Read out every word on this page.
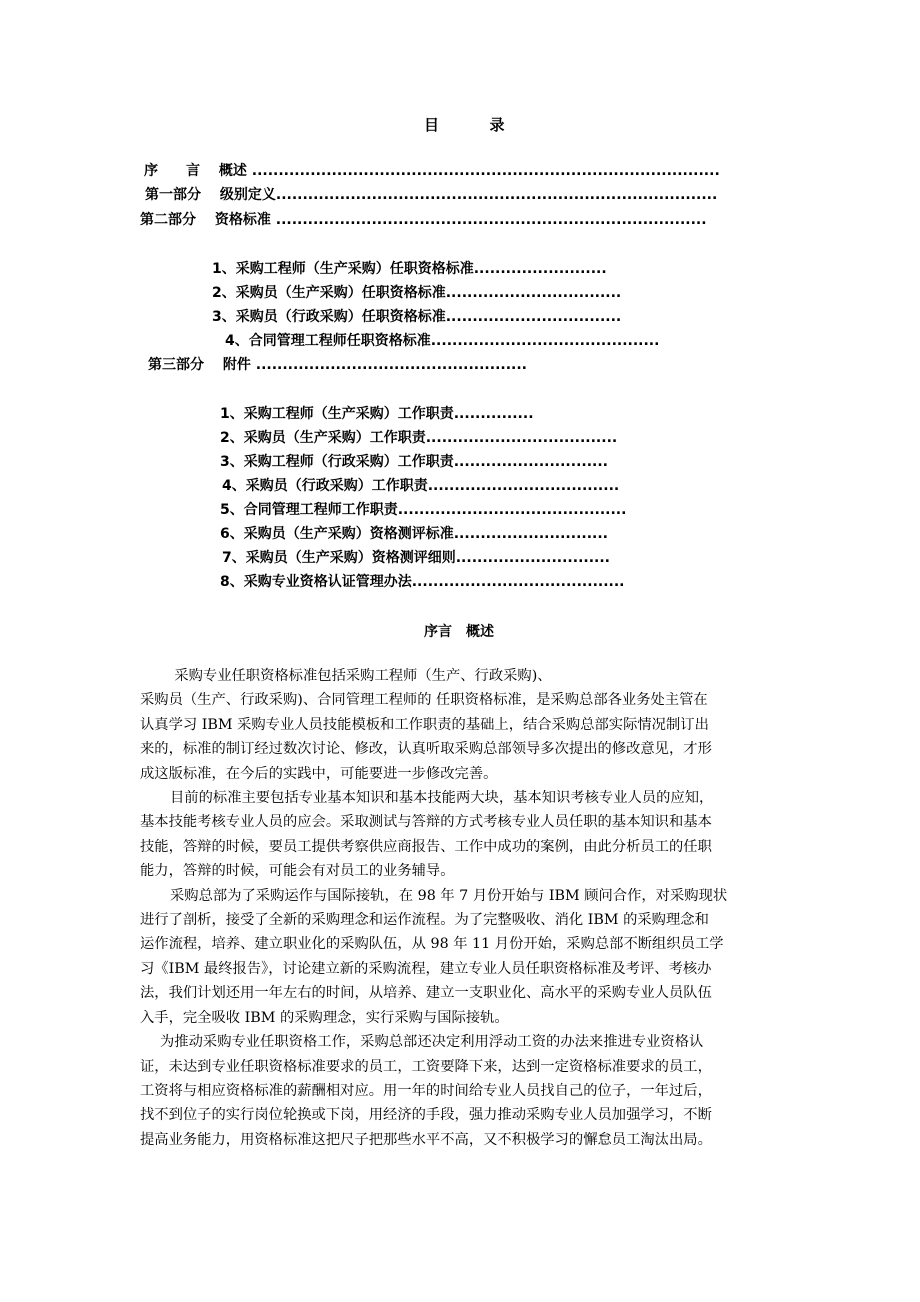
目	录
序　　言　 概述 ........................................................................................
第一部分　 级别定义...................................................................................
第二部分　 资格标准 .................................................................................
1、采购工程师（生产采购）任职资格标准.........................
2、采购员（生产采购）任职资格标准.................................
3、采购员（行政采购）任职资格标准.................................
4、合同管理工程师任职资格标准...........................................
第三部分　 附件 ...................................................
1、采购工程师（生产采购）工作职责...............
2、采购员（生产采购）工作职责....................................
3、采购工程师（行政采购）工作职责.............................
4、采购员（行政采购）工作职责....................................
5、合同管理工程师工作职责...........................................
6、采购员（生产采购）资格测评标准.............................
7、采购员（生产采购）资格测评细则.............................
8、采购专业资格认证管理办法........................................
序言　概述

采购专业任职资格标准包括采购工程师（生产、行政采购)、
采购员（生产、行政采购)、合同管理工程师的 任职资格标准，是采购总部各业务处主管在
认真学习 IBM 采购专业人员技能模板和工作职责的基础上，结合采购总部实际情况制订出
来的，标准的制订经过数次讨论、修改，认真听取采购总部领导多次提出的修改意见，才形
成这版标准，在今后的实践中，可能要进一步修改完善。

目前的标准主要包括专业基本知识和基本技能两大块，基本知识考核专业人员的应知，
基本技能考核专业人员的应会。采取测试与答辩的方式考核专业人员任职的基本知识和基本
技能，答辩的时候，要员工提供考察供应商报告、工作中成功的案例，由此分析员工的任职
能力，答辩的时候，可能会有对员工的业务辅导。

采购总部为了采购运作与国际接轨，在 98 年 7 月份开始与 IBM 顾问合作，对采购现状
进行了剖析，接受了全新的采购理念和运作流程。为了完整吸收、消化 IBM 的采购理念和
运作流程，培养、建立职业化的采购队伍，从 98 年 11 月份开始，采购总部不断组织员工学
习《IBM 最终报告》，讨论建立新的采购流程，建立专业人员任职资格标准及考评、考核办
法，我们计划还用一年左右的时间，从培养、建立一支职业化、高水平的采购专业人员队伍
入手，完全吸收 IBM 的采购理念，实行采购与国际接轨。

为推动采购专业任职资格工作，采购总部还决定利用浮动工资的办法来推进专业资格认
证，未达到专业任职资格标准要求的员工，工资要降下来，达到一定资格标准要求的员工，
工资将与相应资格标准的薪酬相对应。用一年的时间给专业人员找自己的位子，一年过后，
找不到位子的实行岗位轮换或下岗，用经济的手段，强力推动采购专业人员加强学习，不断
提高业务能力，用资格标准这把尺子把那些水平不高，又不积极学习的懈怠员工淘汰出局。
